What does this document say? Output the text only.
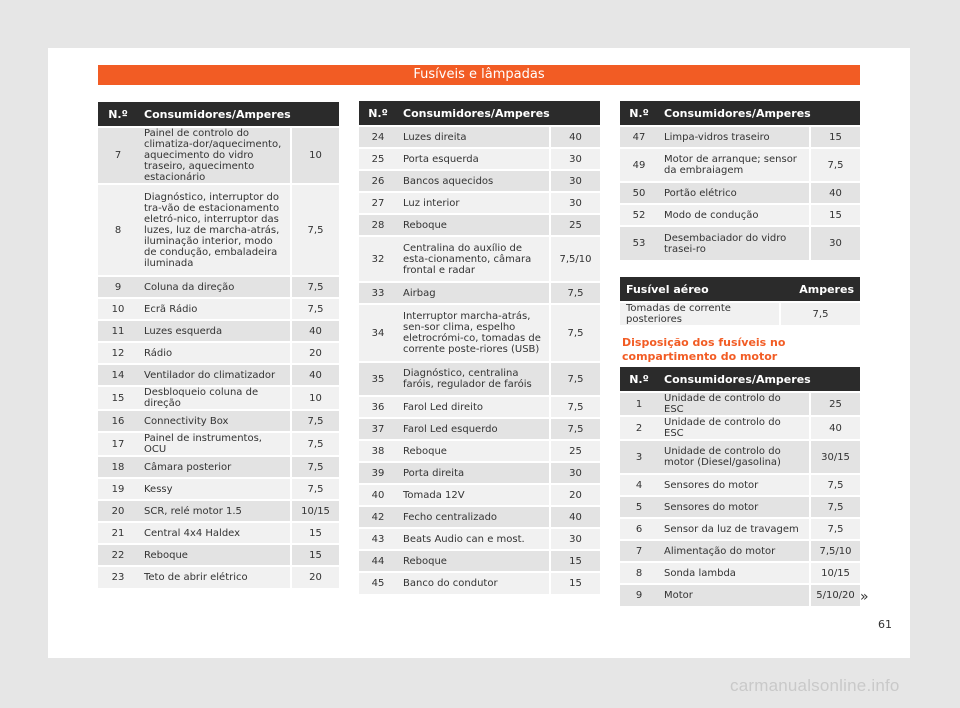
Fusíveis e lâmpadas
N.º	Consumidores/Amperes	
7	Painel de controlo do climatiza-dor/aquecimento, aquecimento do vidro traseiro, aquecimento estacionário	10
8	Diagnóstico, interruptor do tra-vão de estacionamento eletró-nico, interruptor das luzes, luz de marcha-atrás, iluminação interior, modo de condução, embaladeira iluminada	7,5
9	Coluna da direção	7,5
10	Ecrã Rádio	7,5
11	Luzes esquerda	40
12	Rádio	20
14	Ventilador do climatizador	40
15	Desbloqueio coluna de direção	10
16	Connectivity Box	7,5
17	Painel de instrumentos, OCU	7,5
18	Câmara posterior	7,5
19	Kessy	7,5
20	SCR, relé motor 1.5	10/15
21	Central 4x4 Haldex	15
22	Reboque	15
23	Teto de abrir elétrico	20
N.º	Consumidores/Amperes	
24	Luzes direita	40
25	Porta esquerda	30
26	Bancos aquecidos	30
27	Luz interior	30
28	Reboque	25
32	Centralina do auxílio de esta-cionamento, câmara frontal e radar	7,5/10
33	Airbag	7,5
34	Interruptor marcha-atrás, sen-sor clima, espelho eletrocrómi-co, tomadas de corrente poste-riores (USB)	7,5
35	Diagnóstico, centralina faróis, regulador de faróis	7,5
36	Farol Led direito	7,5
37	Farol Led esquerdo	7,5
38	Reboque	25
39	Porta direita	30
40	Tomada 12V	20
42	Fecho centralizado	40
43	Beats Audio can e most.	30
44	Reboque	15
45	Banco do condutor	15
N.º	Consumidores/Amperes	
47	Limpa-vidros traseiro	15
49	Motor de arranque; sensor da embraiagem	7,5
50	Portão elétrico	40
52	Modo de condução	15
53	Desembaciador do vidro trasei-ro	30
Fusível aéreo	Amperes
Tomadas de corrente posteriores	7,5
Disposição dos fusíveis no compartimento do motor
N.º	Consumidores/Amperes	
1	Unidade de controlo do ESC	25
2	Unidade de controlo do ESC	40
3	Unidade de controlo do motor (Diesel/gasolina)	30/15
4	Sensores do motor	7,5
5	Sensores do motor	7,5
6	Sensor da luz de travagem	7,5
7	Alimentação do motor	7,5/10
8	Sonda lambda	10/15
9	Motor	5/10/20 »
61
carmanualsonline.info
